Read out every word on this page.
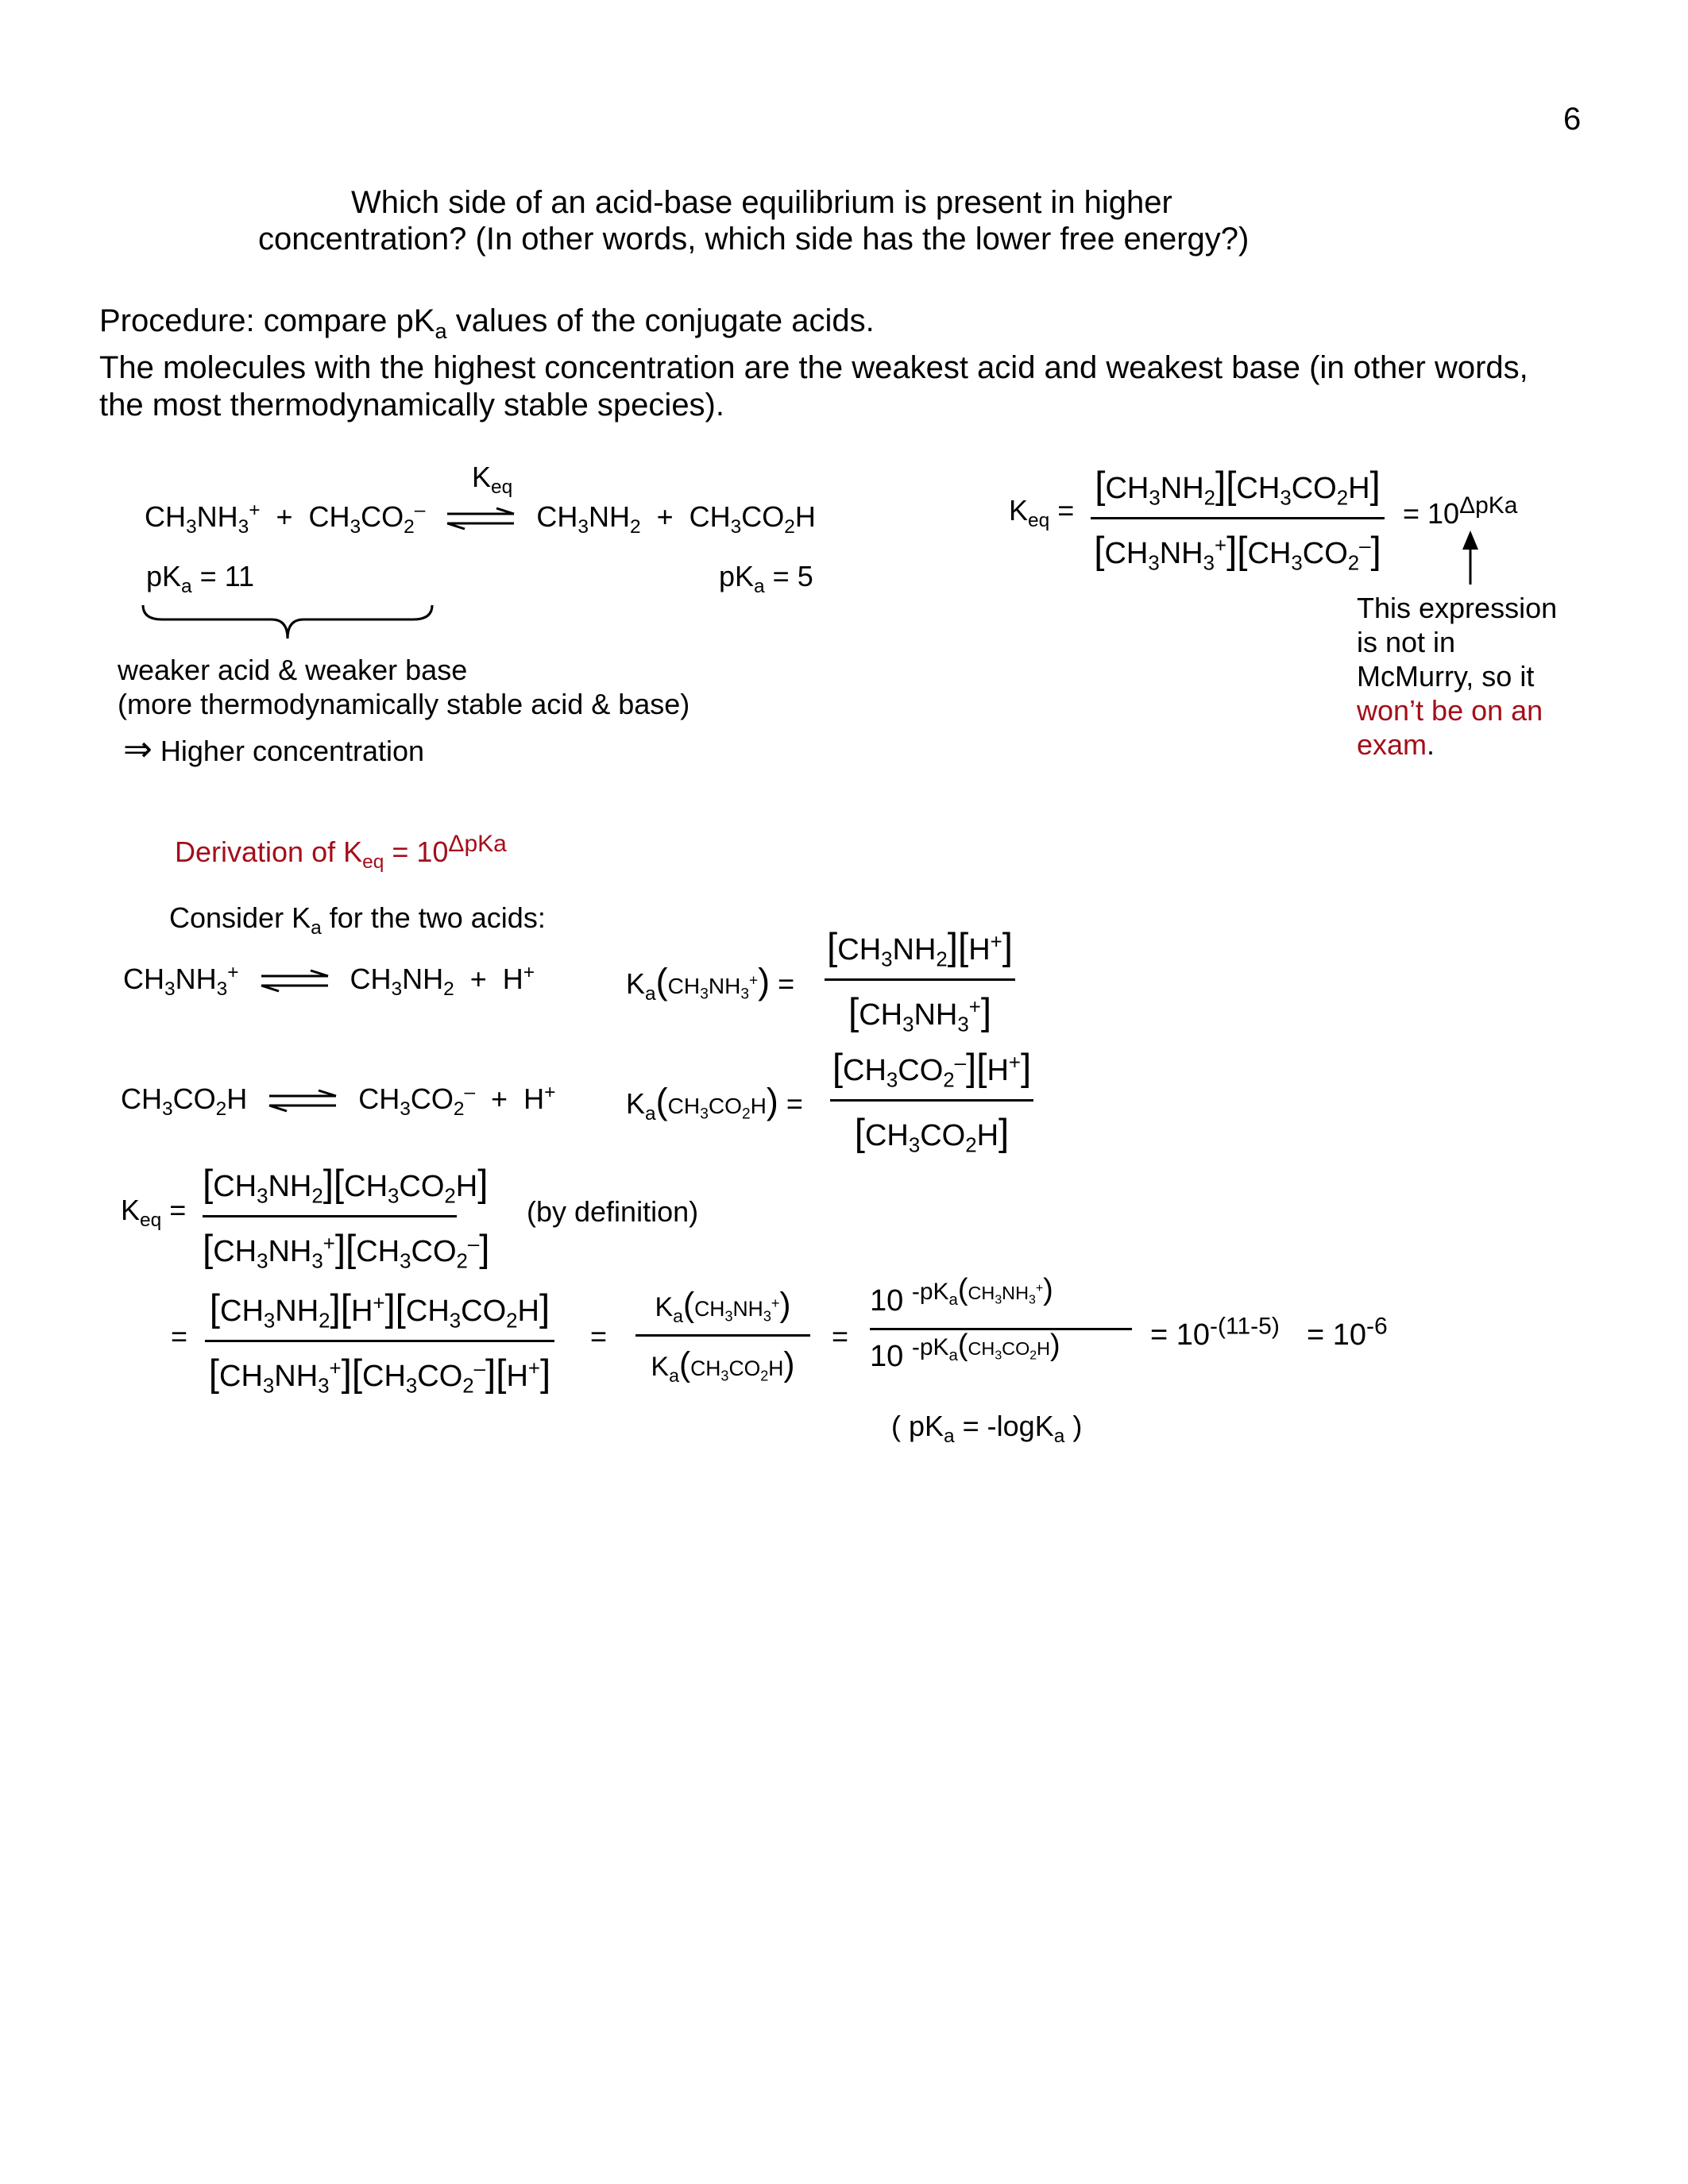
6
Which side of an acid-base equilibrium is present in higher
concentration? (In other words, which side has the lower free energy?)
Procedure: compare $pK_a$ values of the conjugate acids.
The molecules with the highest concentration are the weakest acid and weakest base (in other words,
the most thermodynamically stable species).
$K_{eq}$
$CH_3NH_3^+ + CH_3CO_2^-$ ⇌ $CH_3NH_2 + CH_3CO_2H$
$pK_a = 11$	$pK_a = 5$
weaker acid & weaker base
(more thermodynamically stable acid & base)
⇒ Higher concentration
$K_{eq}$ =
$[CH_3NH_2][CH_3CO_2H]$
$[CH_3NH_3^+][CH_3CO_2^-]$
= $10^{\Delta pKa}$
This expression
is not in
McMurry, so it
won’t be on an
exam.
Derivation of $K_{eq} = 10^{\Delta pKa}$
Consider $K_a$ for the two acids:
$CH_3NH_3^+$ ⇌ $CH_3NH_2 + H^+$	$K_a(CH_3NH_3^+)$ =
$[CH_3NH_2][H^+]$
$[CH_3NH_3^+]$
$CH_3CO_2H$ ⇌ $CH_3CO_2^- + H^+$ $K_a(CH_3CO_2H)$ =
$[CH_3CO_2^-][H^+]$
$[CH_3CO_2H]$
$K_{eq}$ =
$[CH_3NH_2][CH_3CO_2H]$
$[CH_3NH_3^+][CH_3CO_2^-]$
(by definition)
=
$[CH_3NH_2][H^+][CH_3CO_2H]$
$[CH_3NH_3^+][CH_3CO_2^-][H^+]$
=
$K_a(CH_3NH_3^+)$
$K_a(CH_3CO_2H)$
=
10 $^{-pK_a(CH_3NH_3^+)}$
10 $^{-pK_a(CH_3CO_2H)}$	= $10^{-(11-5)} = 10^{-6}$
( $pK_a = -\log K_a$ )
